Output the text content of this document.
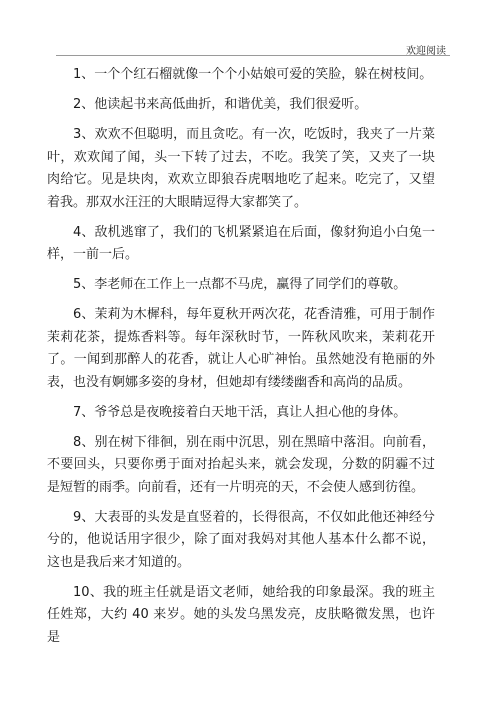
欢迎阅读

1、一个个红石榴就像一个个小姑娘可爱的笑脸，躲在树枝间。

2、他读起书来高低曲折，和谐优美，我们很爱听。

3、欢欢不但聪明，而且贪吃。有一次，吃饭时，我夹了一片菜叶，欢欢闻了闻，头一下转了过去，不吃。我笑了笑，又夹了一块肉给它。见是块肉，欢欢立即狼吞虎咽地吃了起来。吃完了，又望着我。那双水汪汪的大眼睛逗得大家都笑了。

4、敌机逃窜了，我们的飞机紧紧追在后面，像豺狗追小白兔一样，一前一后。

5、李老师在工作上一点都不马虎，赢得了同学们的尊敬。

6、茉莉为木樨科，每年夏秋开两次花，花香清雅，可用于制作茉莉花茶，提炼香料等。每年深秋时节，一阵秋风吹来，茉莉花开了。一闻到那醉人的花香，就让人心旷神怡。虽然她没有艳丽的外表，也没有婀娜多姿的身材，但她却有缕缕幽香和高尚的品质。

7、爷爷总是夜晚接着白天地干活，真让人担心他的身体。

8、别在树下徘徊，别在雨中沉思，别在黑暗中落泪。向前看，不要回头，只要你勇于面对抬起头来，就会发现，分数的阴霾不过是短暂的雨季。向前看，还有一片明亮的天，不会使人感到彷徨。

9、大表哥的头发是直竖着的，长得很高，不仅如此他还神经兮兮的，他说话用字很少，除了面对我妈对其他人基本什么都不说，这也是我后来才知道的。

10、我的班主任就是语文老师，她给我的印象最深。我的班主任姓郑，大约 40 来岁。她的头发乌黑发亮，皮肤略微发黑，也许是
